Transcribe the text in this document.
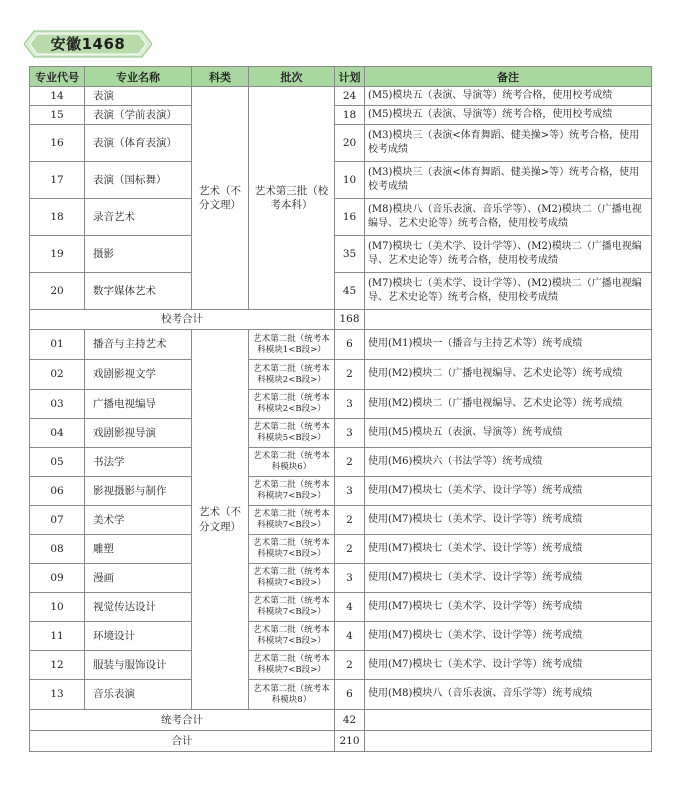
安徽1468
专业代号	专业名称	科类	批次	计划	备注
14	表演	艺术（不分文理）	艺术第三批（校考本科）	24	(M5)模块五（表演、导演等）统考合格，使用校考成绩
15	表演（学前表演）			18	(M5)模块五（表演、导演等）统考合格，使用校考成绩
16	表演（体育表演）			20	(M3)模块三（表演<体育舞蹈、健美操>等）统考合格，使用校考成绩
17	表演（国标舞）			10	(M3)模块三（表演<体育舞蹈、健美操>等）统考合格，使用校考成绩
18	录音艺术			16	(M8)模块八（音乐表演、音乐学等）、(M2)模块二（广播电视编导、艺术史论等）统考合格，使用校考成绩
19	摄影			35	(M7)模块七（美术学、设计学等）、(M2)模块二（广播电视编导、艺术史论等）统考合格，使用校考成绩
20	数字媒体艺术			45	(M7)模块七（美术学、设计学等）、(M2)模块二（广播电视编导、艺术史论等）统考合格，使用校考成绩
校考合计				168	
01	播音与主持艺术	艺术（不分文理）	艺术第二批（统考本科模块1<B段>）	6	使用(M1)模块一（播音与主持艺术等）统考成绩
02	戏剧影视文学		艺术第二批（统考本科模块2<B段>）	2	使用(M2)模块二（广播电视编导、艺术史论等）统考成绩
03	广播电视编导		艺术第二批（统考本科模块2<B段>）	3	使用(M2)模块二（广播电视编导、艺术史论等）统考成绩
04	戏剧影视导演		艺术第二批（统考本科模块5<B段>）	3	使用(M5)模块五（表演、导演等）统考成绩
05	书法学		艺术第二批（统考本科模块6）	2	使用(M6)模块六（书法学等）统考成绩
06	影视摄影与制作		艺术第二批（统考本科模块7<B段>）	3	使用(M7)模块七（美术学、设计学等）统考成绩
07	美术学		艺术第二批（统考本科模块7<B段>）	2	使用(M7)模块七（美术学、设计学等）统考成绩
08	雕塑		艺术第二批（统考本科模块7<B段>）	2	使用(M7)模块七（美术学、设计学等）统考成绩
09	漫画		艺术第二批（统考本科模块7<B段>）	3	使用(M7)模块七（美术学、设计学等）统考成绩
10	视觉传达设计		艺术第二批（统考本科模块7<B段>）	4	使用(M7)模块七（美术学、设计学等）统考成绩
11	环境设计		艺术第二批（统考本科模块7<B段>）	4	使用(M7)模块七（美术学、设计学等）统考成绩
12	服装与服饰设计		艺术第二批（统考本科模块7<B段>）	2	使用(M7)模块七（美术学、设计学等）统考成绩
13	音乐表演		艺术第二批（统考本科模块8）	6	使用(M8)模块八（音乐表演、音乐学等）统考成绩
统考合计				42	
合计				210	
